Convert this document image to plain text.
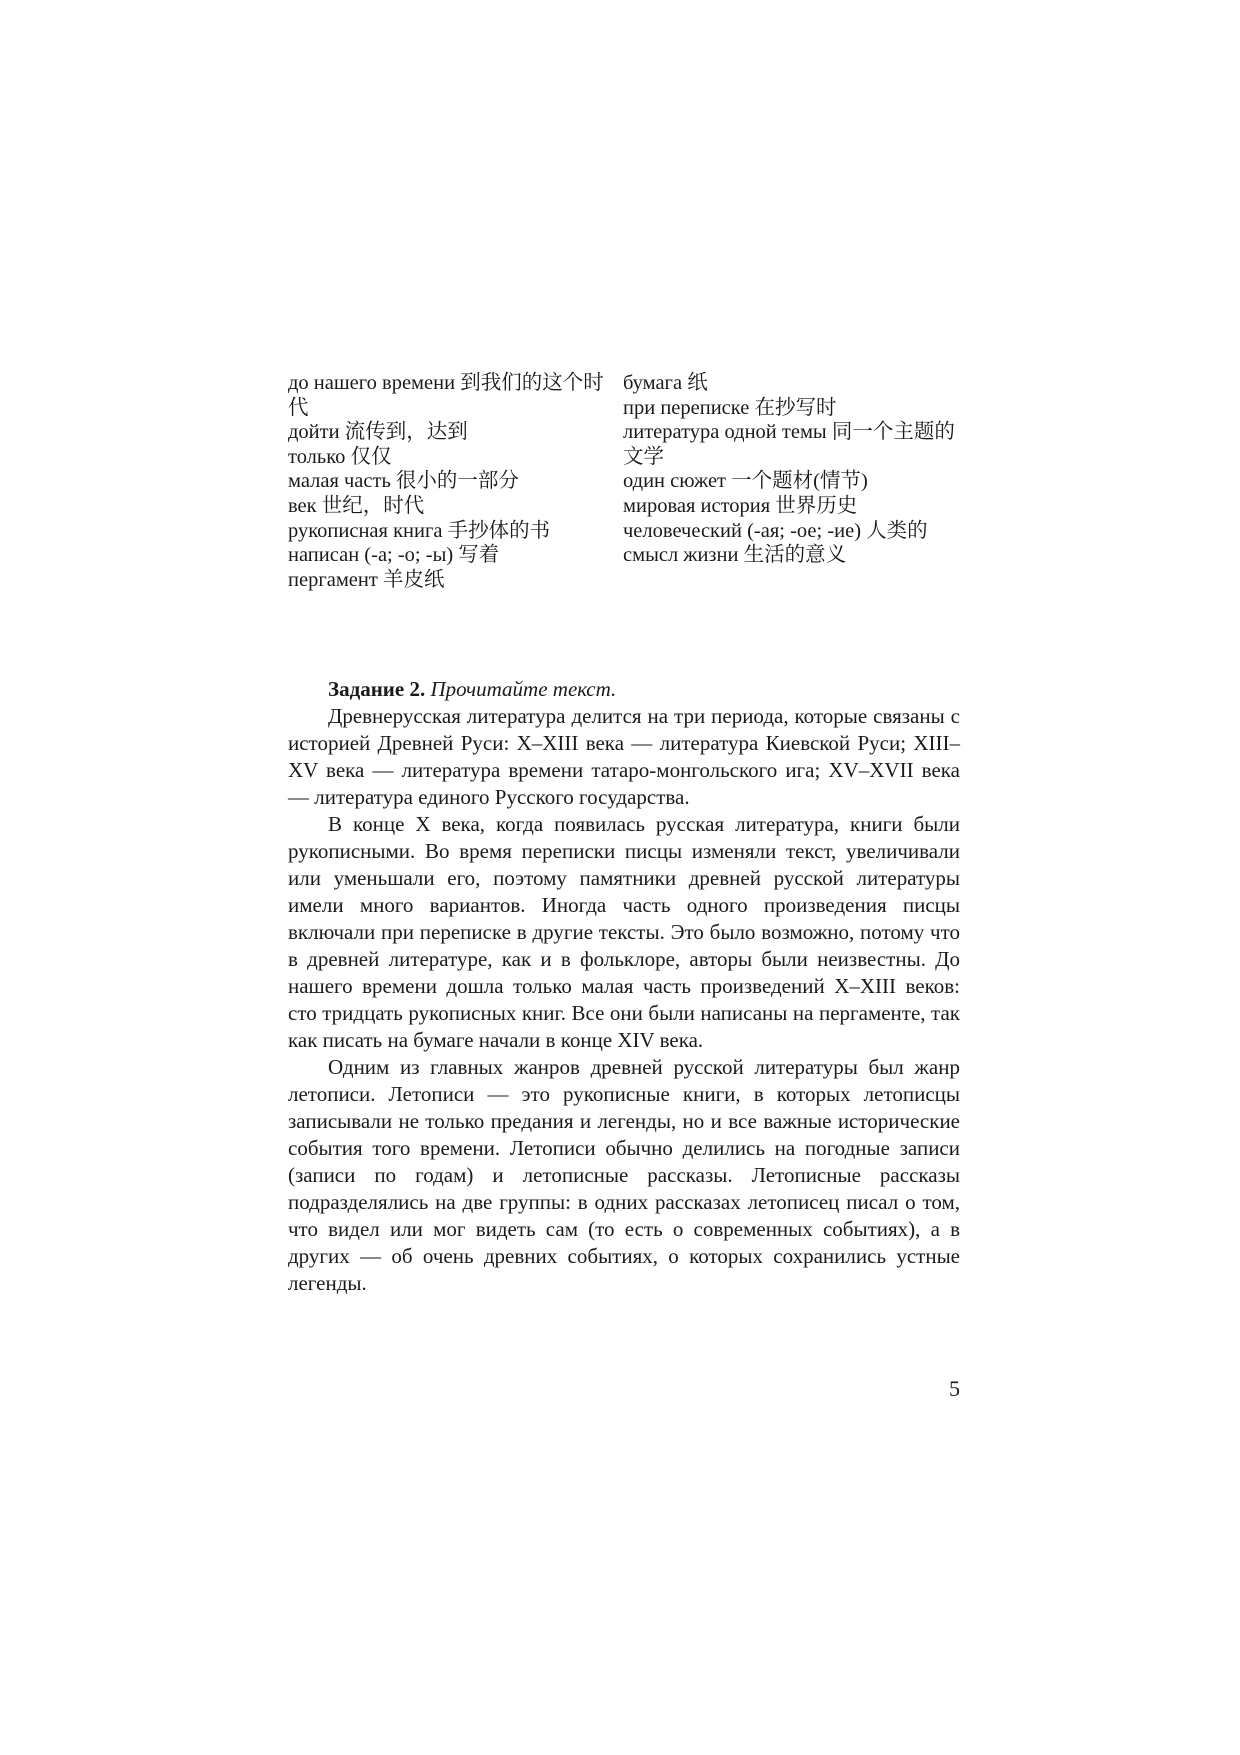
до нашего времени 到我们的这个时代
дойти 流传到，达到
только 仅仅
малая часть 很小的一部分
век 世纪，时代
рукописная книга 手抄体的书
написан (-а; -о; -ы) 写着
пергамент 羊皮纸
бумага 纸
при переписке 在抄写时
литература одной темы 同一个主题的文学
один сюжет 一个题材(情节)
мировая история 世界历史
человеческий (-ая; -ое; -ие) 人类的
смысл жизни 生活的意义

Задание 2. Прочитайте текст.

Древнерусская литература делится на три периода, которые связаны с историей Древней Руси: X–XIII века — литература Киевской Руси; XIII–XV века — литература времени татаро-монгольского ига; XV–XVII века — литература единого Русского государства.

В конце X века, когда появилась русская литература, книги были рукописными. Во время переписки писцы изменяли текст, увеличивали или уменьшали его, поэтому памятники древней русской литературы имели много вариантов. Иногда часть одного произведения писцы включали при переписке в другие тексты. Это было возможно, потому что в древней литературе, как и в фольклоре, авторы были неизвестны. До нашего времени дошла только малая часть произведений X–XIII веков: сто тридцать рукописных книг. Все они были написаны на пергаменте, так как писать на бумаге начали в конце XIV века.

Одним из главных жанров древней русской литературы был жанр летописи. Летописи — это рукописные книги, в которых летописцы записывали не только предания и легенды, но и все важные исторические события того времени. Летописи обычно делились на погодные записи (записи по годам) и летописные рассказы. Летописные рассказы подразделялись на две группы: в одних рассказах летописец писал о том, что видел или мог видеть сам (то есть о современных событиях), а в других — об очень древних событиях, о которых сохранились устные легенды.

5
